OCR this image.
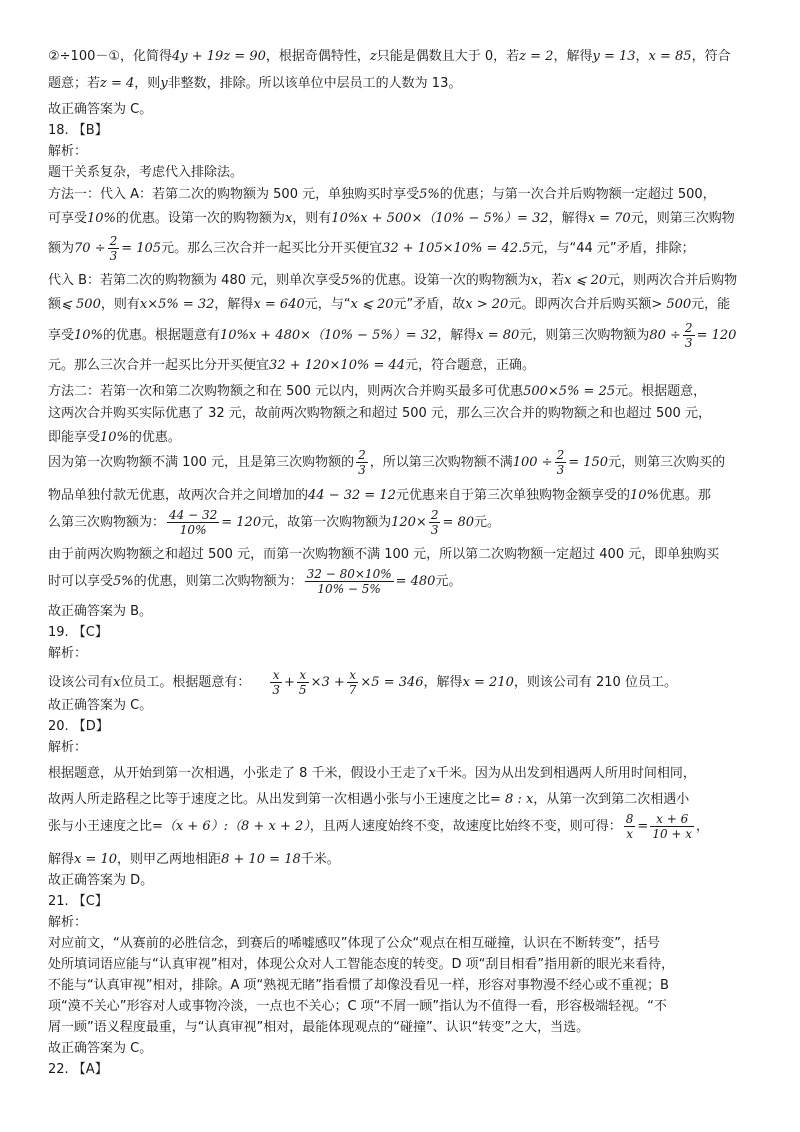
②÷100－①，化简得4y + 19z = 90，根据奇偶特性，z只能是偶数且大于 0，若z = 2，解得y = 13，x = 85，符合
题意；若z = 4，则y非整数，排除。所以该单位中层员工的人数为 13。
故正确答案为 C。
18. 【B】
解析：
题干关系复杂，考虑代入排除法。
方法一：代入 A：若第二次的购物额为 500 元，单独购买时享受5%的优惠；与第一次合并后购物额一定超过 500，
可享受10%的优惠。设第一次的购物额为x，则有10%x + 500×（10% − 5%）= 32，解得x = 70元，则第三次购物
额为$70 \div \frac{2}{3} = 105$元。那么三次合并一起买比分开买便宜32 + 105×10% = 42.5元，与“44 元”矛盾，排除；
代入 B：若第二次的购物额为 480 元，则单次享受5%的优惠。设第一次的购物额为x，若x ⩽ 20元，则两次合并后购物
额⩽ 500，则有x×5% = 32，解得x = 640元，与“x ⩽ 20元”矛盾，故x > 20元。即两次合并后购买额> 500元，能
享受10%的优惠。根据题意有10%x + 480×（10% − 5%）= 32，解得x = 80元，则第三次购物额为$80 \div \frac{2}{3} = 120$
元。那么三次合并一起买比分开买便宜32 + 120×10% = 44元，符合题意，正确。
方法二：若第一次和第二次购物额之和在 500 元以内，则两次合并购买最多可优惠500×5% = 25元。根据题意，
这两次合并购买实际优惠了 32 元，故前两次购物额之和超过 500 元，那么三次合并的购物额之和也超过 500 元，
即能享受10%的优惠。
因为第一次购物额不满 100 元，且是第三次购物额的 $\frac{2}{3}$ ，所以第三次购物额不满$100 \div \frac{2}{3} = 150$元，则第三次购买的
物品单独付款无优惠，故两次合并之间增加的44 − 32 = 12元优惠来自于第三次单独购物金额享受的10%优惠。那
么第三次购物额为： $\frac{44 - 32}{10\%} = 120$元，故第一次购物额为$120\times \frac{2}{3} = 80$元。
由于前两次购物额之和超过 500 元，而第一次购物额不满 100 元，所以第二次购物额一定超过 400 元，即单独购买
时可以享受5%的优惠，则第二次购物额为： $\frac{32 - 80\times 10\%}{10\% - 5\%} = 480$元。
故正确答案为 B。
19. 【C】
解析：
设该公司有x位员工。根据题意有： $\frac{x}{3} + \frac{x}{5} \times 3 + \frac{x}{7} \times 5 = 346$，解得x = 210，则该公司有 210 位员工。
故正确答案为 C。
20. 【D】
解析：
根据题意，从开始到第一次相遇，小张走了 8 千米，假设小王走了x千米。因为从出发到相遇两人所用时间相同，
故两人所走路程之比等于速度之比。从出发到第一次相遇小张与小王速度之比= 8 : x，从第一次到第二次相遇小
张与小王速度之比=（x + 6）:（8 + x + 2），且两人速度始终不变，故速度比始终不变，则可得： $\frac{8}{x} = \frac{x + 6}{10 + x}$ ，
解得x = 10，则甲乙两地相距8 + 10 = 18千米。
故正确答案为 D。
21. 【C】
解析：
对应前文，“从赛前的必胜信念，到赛后的唏嘘感叹”体现了公众“观点在相互碰撞，认识在不断转变”，括号
处所填词语应能与“认真审视”相对，体现公众对人工智能态度的转变。D 项“刮目相看”指用新的眼光来看待，
不能与“认真审视”相对，排除。A 项“熟视无睹”指看惯了却像没看见一样，形容对事物漫不经心或不重视；B
项“漠不关心”形容对人或事物冷淡，一点也不关心；C 项“不屑一顾”指认为不值得一看，形容极端轻视。“不
屑一顾”语义程度最重，与“认真审视”相对，最能体现观点的“碰撞”、认识“转变”之大，当选。
故正确答案为 C。
22. 【A】
